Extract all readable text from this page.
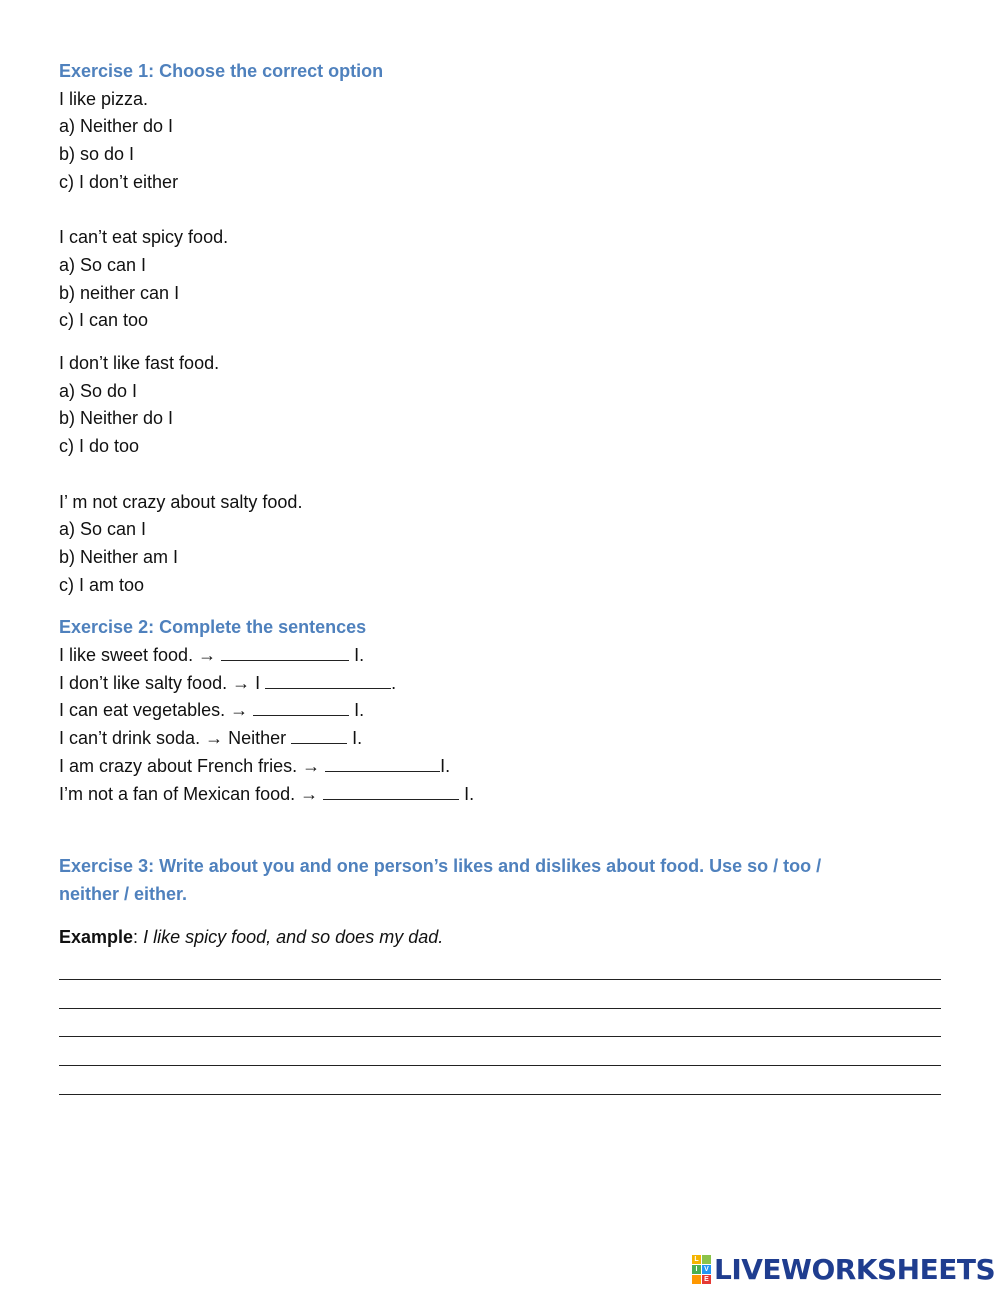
Exercise 1: Choose the correct option

I like pizza.

a) Neither do I

b) so do I

c) I don’t either

I can’t eat spicy food.

a) So can I

b) neither can I

c) I can too

I don’t like fast food.

a) So do I

b) Neither do I

c) I do too

I’ m not crazy about salty food.

a) So can I

b) Neither am I

c) I am too

Exercise 2: Complete the sentences

I like sweet food. →	I.

I don’t like salty food. → I	.

I can eat vegetables. →	I.

I can’t drink soda. → Neither	I.

I am crazy about French fries. →	I.

I’m not a fan of Mexican food. →	I.

Exercise 3: Write about you and one person’s likes and dislikes about food. Use so / too /
neither / either.

Example: I like spicy food, and so does my dad.

L
I V
E LIVEWORKSHEETS
